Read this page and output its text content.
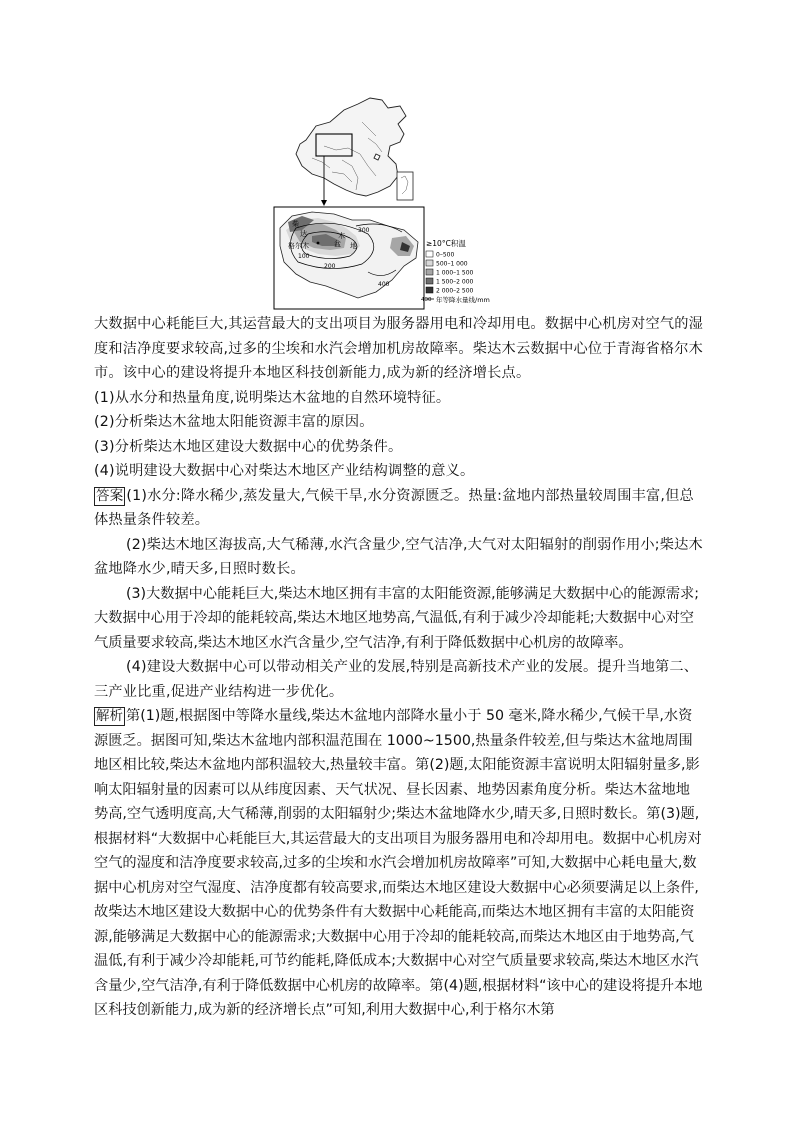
柴
达	木
盆 地
格尔木
300
100
200
400
≥10°C积温
0–500
500–1 000
1 000–1 500
1 500–2 000
2 000–2 500
400 年等降水量线/mm

大数据中心耗能巨大,其运营最大的支出项目为服务器用电和冷却用电。数据中心机房对空气的湿度和洁净度要求较高,过多的尘埃和水汽会增加机房故障率。柴达木云数据中心位于青海省格尔木市。该中心的建设将提升本地区科技创新能力,成为新的经济增长点。

(1)从水分和热量角度,说明柴达木盆地的自然环境特征。

(2)分析柴达木盆地太阳能资源丰富的原因。

(3)分析柴达木地区建设大数据中心的优势条件。

(4)说明建设大数据中心对柴达木地区产业结构调整的意义。

答案 (1)水分:降水稀少,蒸发量大,气候干旱,水分资源匮乏。热量:盆地内部热量较周围丰富,但总体热量条件较差。

(2)柴达木地区海拔高,大气稀薄,水汽含量少,空气洁净,大气对太阳辐射的削弱作用小;柴达木盆地降水少,晴天多,日照时数长。

(3)大数据中心能耗巨大,柴达木地区拥有丰富的太阳能资源,能够满足大数据中心的能源需求;大数据中心用于冷却的能耗较高,柴达木地区地势高,气温低,有利于减少冷却能耗;大数据中心对空气质量要求较高,柴达木地区水汽含量少,空气洁净,有利于降低数据中心机房的故障率。

(4)建设大数据中心可以带动相关产业的发展,特别是高新技术产业的发展。提升当地第二、三产业比重,促进产业结构进一步优化。

解析 第(1)题,根据图中等降水量线,柴达木盆地内部降水量小于 50 毫米,降水稀少,气候干旱,水资源匮乏。据图可知,柴达木盆地内部积温范围在 1000~1500,热量条件较差,但与柴达木盆地周围地区相比较,柴达木盆地内部积温较大,热量较丰富。第(2)题,太阳能资源丰富说明太阳辐射量多,影响太阳辐射量的因素可以从纬度因素、天气状况、昼长因素、地势因素角度分析。柴达木盆地地势高,空气透明度高,大气稀薄,削弱的太阳辐射少;柴达木盆地降水少,晴天多,日照时数长。第(3)题,根据材料“大数据中心耗能巨大,其运营最大的支出项目为服务器用电和冷却用电。数据中心机房对空气的湿度和洁净度要求较高,过多的尘埃和水汽会增加机房故障率”可知,大数据中心耗电量大,数据中心机房对空气湿度、洁净度都有较高要求,而柴达木地区建设大数据中心必须要满足以上条件,故柴达木地区建设大数据中心的优势条件有大数据中心耗能高,而柴达木地区拥有丰富的太阳能资源,能够满足大数据中心的能源需求;大数据中心用于冷却的能耗较高,而柴达木地区由于地势高,气温低,有利于减少冷却能耗,可节约能耗,降低成本;大数据中心对空气质量要求较高,柴达木地区水汽含量少,空气洁净,有利于降低数据中心机房的故障率。第(4)题,根据材料“该中心的建设将提升本地区科技创新能力,成为新的经济增长点”可知,利用大数据中心,利于格尔木第
